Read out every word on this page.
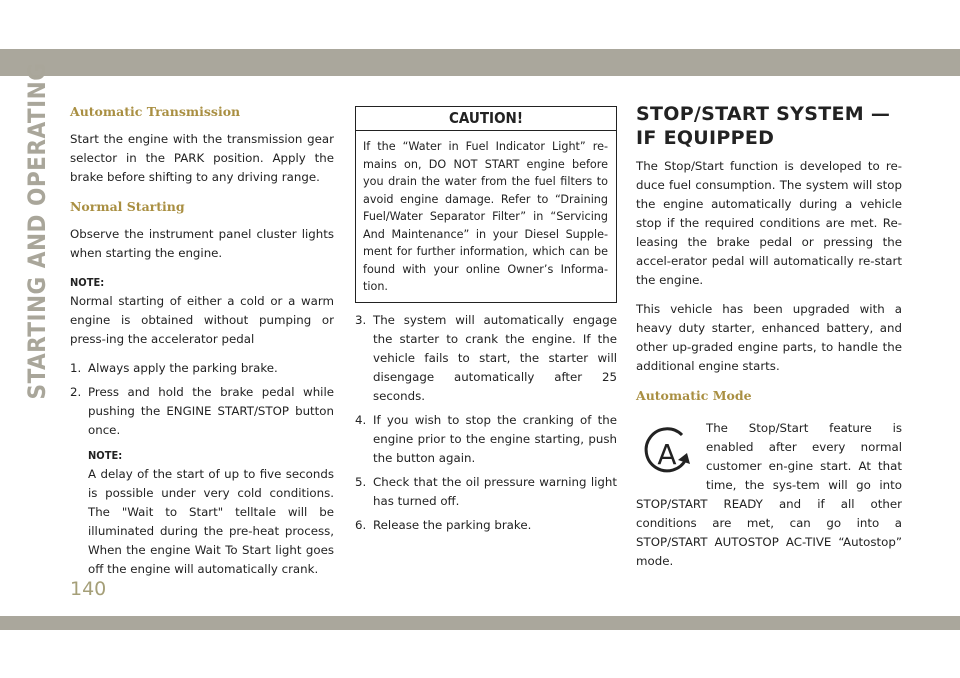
STARTING AND OPERATING
140
Automatic Transmission

Start the engine with the transmission gear selector in the PARK position. Apply the brake before shifting to any driving range.

Normal Starting

Observe the instrument panel cluster lights when starting the engine.

NOTE:

Normal starting of either a cold or a warm engine is obtained without pumping or press-ing the accelerator pedal

1. Always apply the parking brake.
2. Press and hold the brake pedal while pushing the ENGINE START/STOP button once.
NOTE:

A delay of the start of up to five seconds is possible under very cold conditions. The "Wait to Start" telltale will be illuminated during the pre-heat process, When the engine Wait To Start light goes off the engine will automatically crank.

CAUTION!
If the “Water in Fuel Indicator Light” re-mains on, DO NOT START engine before you drain the water from the fuel filters to avoid engine damage. Refer to “Draining Fuel/Water Separator Filter” in “Servicing And Maintenance” in your Diesel Supple-ment for further information, which can be found with your online Owner’s Informa-tion.
3. The system will automatically engage the starter to crank the engine. If the vehicle fails to start, the starter will disengage automatically after 25 seconds.
4. If you wish to stop the cranking of the engine prior to the engine starting, push the button again.
5. Check that the oil pressure warning light has turned off.
6. Release the parking brake.
STOP/START SYSTEM — IF EQUIPPED

The Stop/Start function is developed to re-duce fuel consumption. The system will stop the engine automatically during a vehicle stop if the required conditions are met. Re-leasing the brake pedal or pressing the accel-erator pedal will automatically re-start the engine.

This vehicle has been upgraded with a heavy duty starter, enhanced battery, and other up-graded engine parts, to handle the additional engine starts.

Automatic Mode
A

The Stop/Start feature is enabled after every normal customer en-gine start. At that time, the sys-tem will go into STOP/START READY and if all other conditions are met, can go into a STOP/START AUTOSTOP AC-TIVE “Autostop” mode.
